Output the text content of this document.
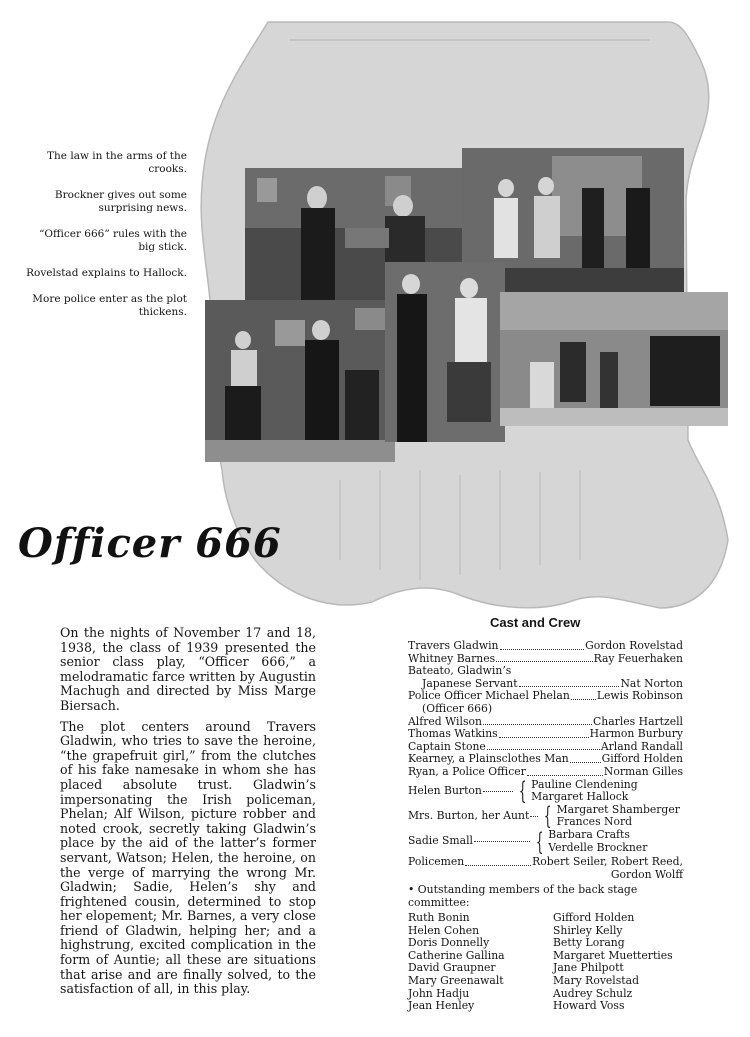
The law in the arms of the crooks.

Brockner gives out some surprising news.

“Officer 666” rules with the big stick.

Rovelstad explains to Hallock.

More police enter as the plot thickens.

Officer 666

On the nights of November 17 and 18, 1938, the class of 1939 presented the senior class play, “Officer 666,” a melodramatic farce written by Augustin Machugh and directed by Miss Marge Biersach.

The plot centers around Travers Gladwin, who tries to save the heroine, “the grapefruit girl,” from the clutches of his fake namesake in whom she has placed absolute trust. Gladwin’s impersonating the Irish policeman, Phelan; Alf Wilson, picture robber and noted crook, secretly taking Gladwin’s place by the aid of the latter’s former servant, Watson; Helen, the heroine, on the verge of marrying the wrong Mr. Gladwin; Sadie, Helen’s shy and frightened cousin, determined to stop her elopement; Mr. Barnes, a very close friend of Gladwin, helping her; and a highstrung, excited complication in the form of Auntie; all these are situations that arise and are finally solved, to the satisfaction of all, in this play.

Cast and Crew
Travers Gladwin	Gordon Rovelstad
Whitney Barnes	Ray Feuerhaken
Bateato, Gladwin’s
Japanese Servant	Nat Norton
Police Officer Michael Phelan	Lewis Robinson
(Officer 666)
Alfred Wilson	Charles Hartzell
Thomas Watkins	Harmon Burbury
Captain Stone	Arland Randall
Kearney, a Plainsclothes Man	Gifford Holden
Ryan, a Police Officer	Norman Gilles
Helen Burton { Pauline Clendening
Margaret Hallock
Mrs. Burton, her Aunt { Margaret Shamberger
Frances Nord
Sadie Small	{ Barbara Crafts
Verdelle Brockner
Policemen	Robert Seiler, Robert Reed,
Gordon Wolff
• Outstanding members of the back stage committee:
Ruth Bonin
Helen Cohen
Doris Donnelly
Catherine Gallina
David Graupner
Mary Greenawalt
John Hadju
Jean Henley
Gifford Holden
Shirley Kelly
Betty Lorang
Margaret Muetterties
Jane Philpott
Mary Rovelstad
Audrey Schulz
Howard Voss
